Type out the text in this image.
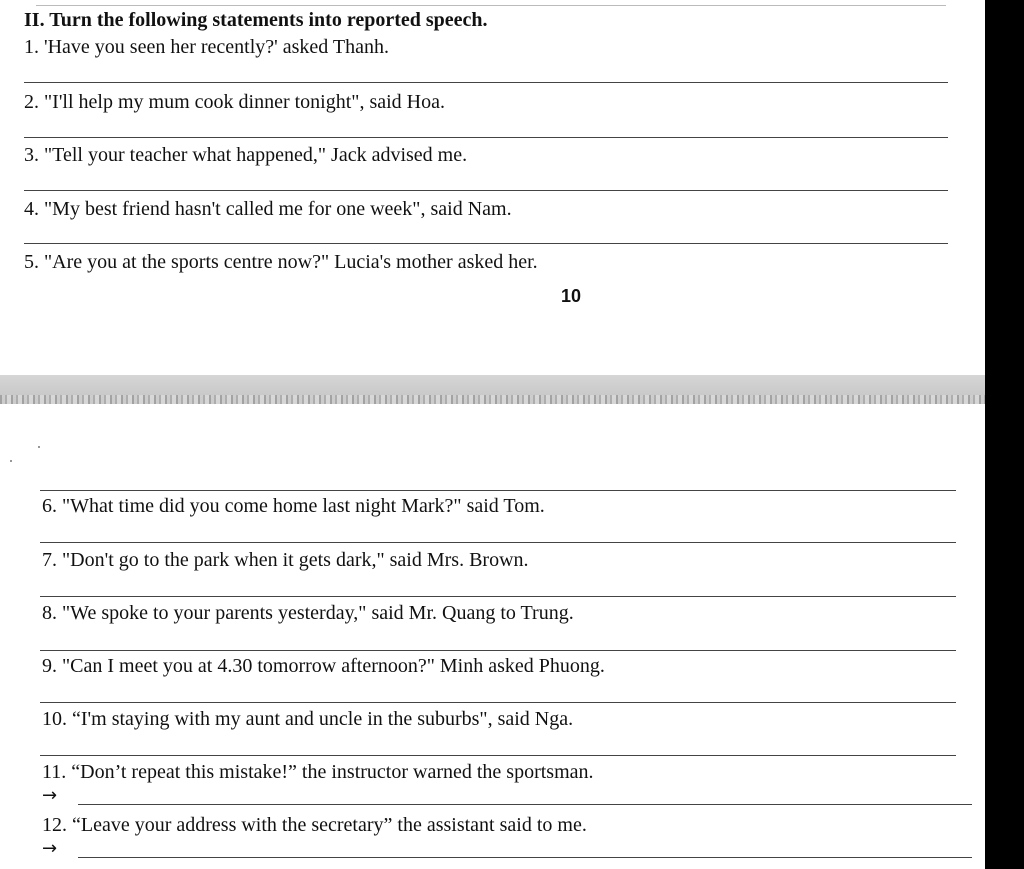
II. Turn the following statements into reported speech.
1. 'Have you seen her recently?' asked Thanh.
2. "I'll help my mum cook dinner tonight", said Hoa.
3. "Tell your teacher what happened," Jack advised me.
4. "My best friend hasn't called me for one week", said Nam.
5. "Are you at the sports centre now?" Lucia's mother asked her.
10
6. "What time did you come home last night Mark?" said Tom.
7. "Don't go to the park when it gets dark," said Mrs. Brown.
8. "We spoke to your parents yesterday," said Mr. Quang to Trung.
9. "Can I meet you at 4.30 tomorrow afternoon?" Minh asked Phuong.
10. “I'm staying with my aunt and uncle in the suburbs", said Nga.
11. “Don’t repeat this mistake!” the instructor warned the sportsman.
→
12. “Leave your address with the secretary” the assistant said to me.
→
